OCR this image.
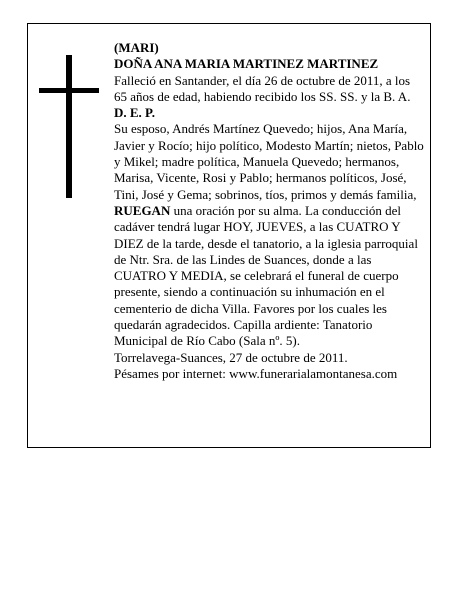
(MARI)

DOÑA ANA MARIA MARTINEZ MARTINEZ

Falleció en Santander, el día 26 de octubre de 2011, a los 65 años de edad, habiendo recibido los SS. SS. y la B. A.

D. E. P.

Su esposo, Andrés Martínez Quevedo; hijos, Ana María, Javier y Rocío; hijo político, Modesto Martín; nietos, Pablo y Mikel; madre política, Manuela Quevedo; hermanos, Marisa, Vicente, Rosi y Pablo; hermanos políticos, José, Tini, José y Gema; sobrinos, tíos, primos y demás familia,

RUEGAN una oración por su alma. La conducción del cadáver tendrá lugar HOY, JUEVES, a las CUATRO Y DIEZ de la tarde, desde el tanatorio, a la iglesia parroquial de Ntr. Sra. de las Lindes de Suances, donde a las CUATRO Y MEDIA, se celebrará el funeral de cuerpo presente, siendo a continuación su inhumación en el cementerio de dicha Villa. Favores por los cuales les quedarán agradecidos. Capilla ardiente: Tanatorio Municipal de Río Cabo (Sala nº. 5).

Torrelavega-Suances, 27 de octubre de 2011.

Pésames por internet: www.funerarialamontanesa.com
